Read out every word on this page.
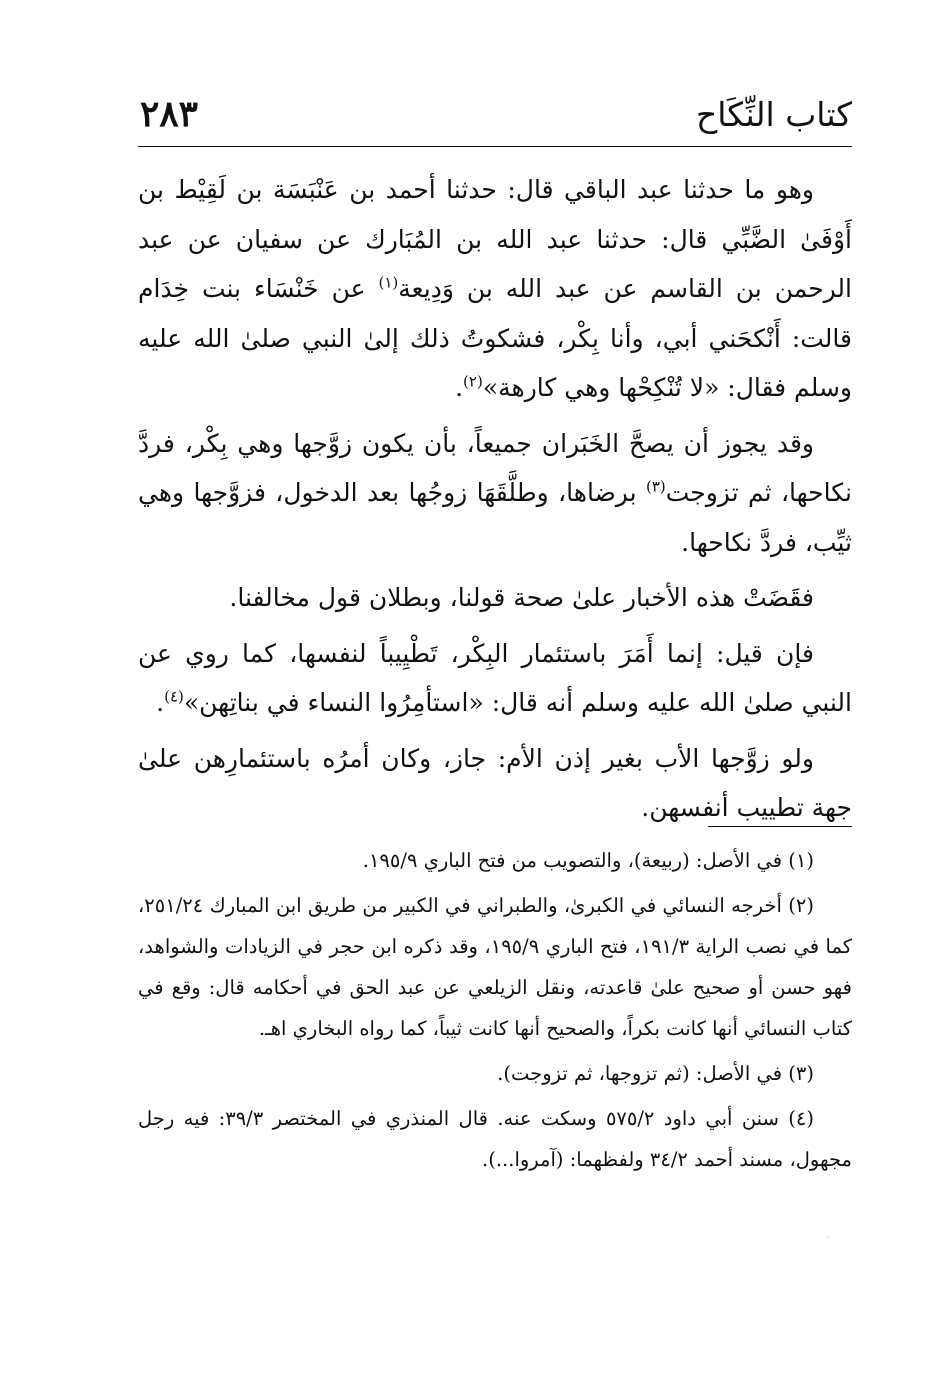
كتاب النِّكَاح
٢٨٣

وهو ما حدثنا عبد الباقي قال: حدثنا أحمد بن عَنْبَسَة بن لَقِيْط بن أَوْفَىٰ الضَّبِّي قال: حدثنا عبد الله بن المُبَارك عن سفيان عن عبد الرحمن بن القاسم عن عبد الله بن وَدِيعة$^{(١)}$ عن خَنْسَاء بنت خِدَام قالت: أَنْكحَني أبي، وأنا بِكْر، فشكوتُ ذلك إلىٰ النبي صلىٰ الله عليه وسلم فقال: «لا تُنْكِحْها وهي كارهة»$^{(٢)}$.

وقد يجوز أن يصحَّ الخَبَران جميعاً، بأن يكون زوَّجها وهي بِكْر، فردَّ نكاحها، ثم تزوجت$^{(٣)}$ برضاها، وطلَّقَهَا زوجُها بعد الدخول، فزوَّجها وهي ثيِّب، فردَّ نكاحها.

فقَضَتْ هذه الأخبار علىٰ صحة قولنا، وبطلان قول مخالفنا.

فإن قيل: إنما أَمَرَ باستئمار البِكْر، تَطْيِيباً لنفسها، كما روي عن النبي صلىٰ الله عليه وسلم أنه قال: «استأمِرُوا النساء في بناتِهن»$^{(٤)}$.

ولو زوَّجها الأب بغير إذن الأم: جاز، وكان أمرُه باستئمارِهن علىٰ جهة تطييب أنفسهن.

(١) في الأصل: (ربيعة)، والتصويب من فتح الباري ١٩٥/٩.

(٢) أخرجه النسائي في الكبرىٰ، والطبراني في الكبير من طريق ابن المبارك ٢٥١/٢٤، كما في نصب الراية ١٩١/٣، فتح الباري ١٩٥/٩، وقد ذكره ابن حجر في الزيادات والشواهد، فهو حسن أو صحيح علىٰ قاعدته، ونقل الزيلعي عن عبد الحق في أحكامه قال: وقع في كتاب النسائي أنها كانت بكراً، والصحيح أنها كانت ثيباً، كما رواه البخاري اهـ.

(٣) في الأصل: (ثم تزوجها، ثم تزوجت).

(٤) سنن أبي داود ٥٧٥/٢ وسكت عنه. قال المنذري في المختصر ٣٩/٣: فيه رجل مجهول، مسند أحمد ٣٤/٢ ولفظهما: (آمروا...).

·
